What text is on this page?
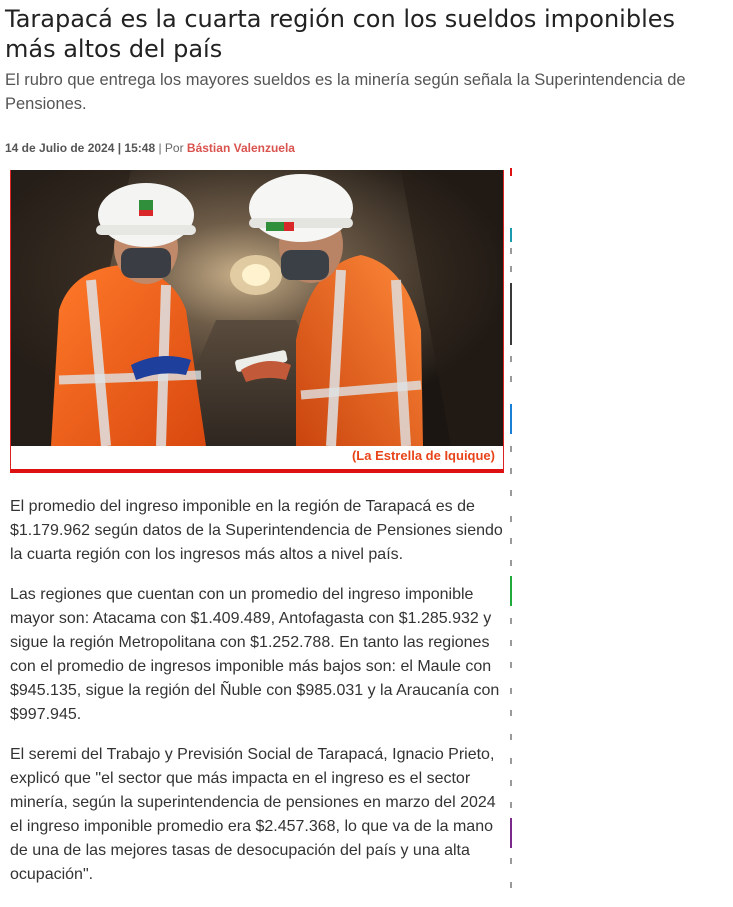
Tarapacá es la cuarta región con los sueldos imponibles más altos del país

El rubro que entrega los mayores sueldos es la minería según señala la Superintendencia de Pensiones.

14 de Julio de 2024 | 15:48 | Por Bástian Valenzuela
(La Estrella de Iquique)

El promedio del ingreso imponible en la región de Tarapacá es de $1.179.962 según datos de la Superintendencia de Pensiones siendo la cuarta región con los ingresos más altos a nivel país.

Las regiones que cuentan con un promedio del ingreso imponible mayor son: Atacama con $1.409.489, Antofagasta con $1.285.932 y sigue la región Metropolitana con $1.252.788. En tanto las regiones con el promedio de ingresos imponible más bajos son: el Maule con $945.135, sigue la región del Ñuble con $985.031 y la Araucanía con $997.945.

El seremi del Trabajo y Previsión Social de Tarapacá, Ignacio Prieto, explicó que "el sector que más impacta en el ingreso es el sector minería, según la superintendencia de pensiones en marzo del 2024 el ingreso imponible promedio era $2.457.368, lo que va de la mano de una de las mejores tasas de desocupación del país y una alta ocupación".
